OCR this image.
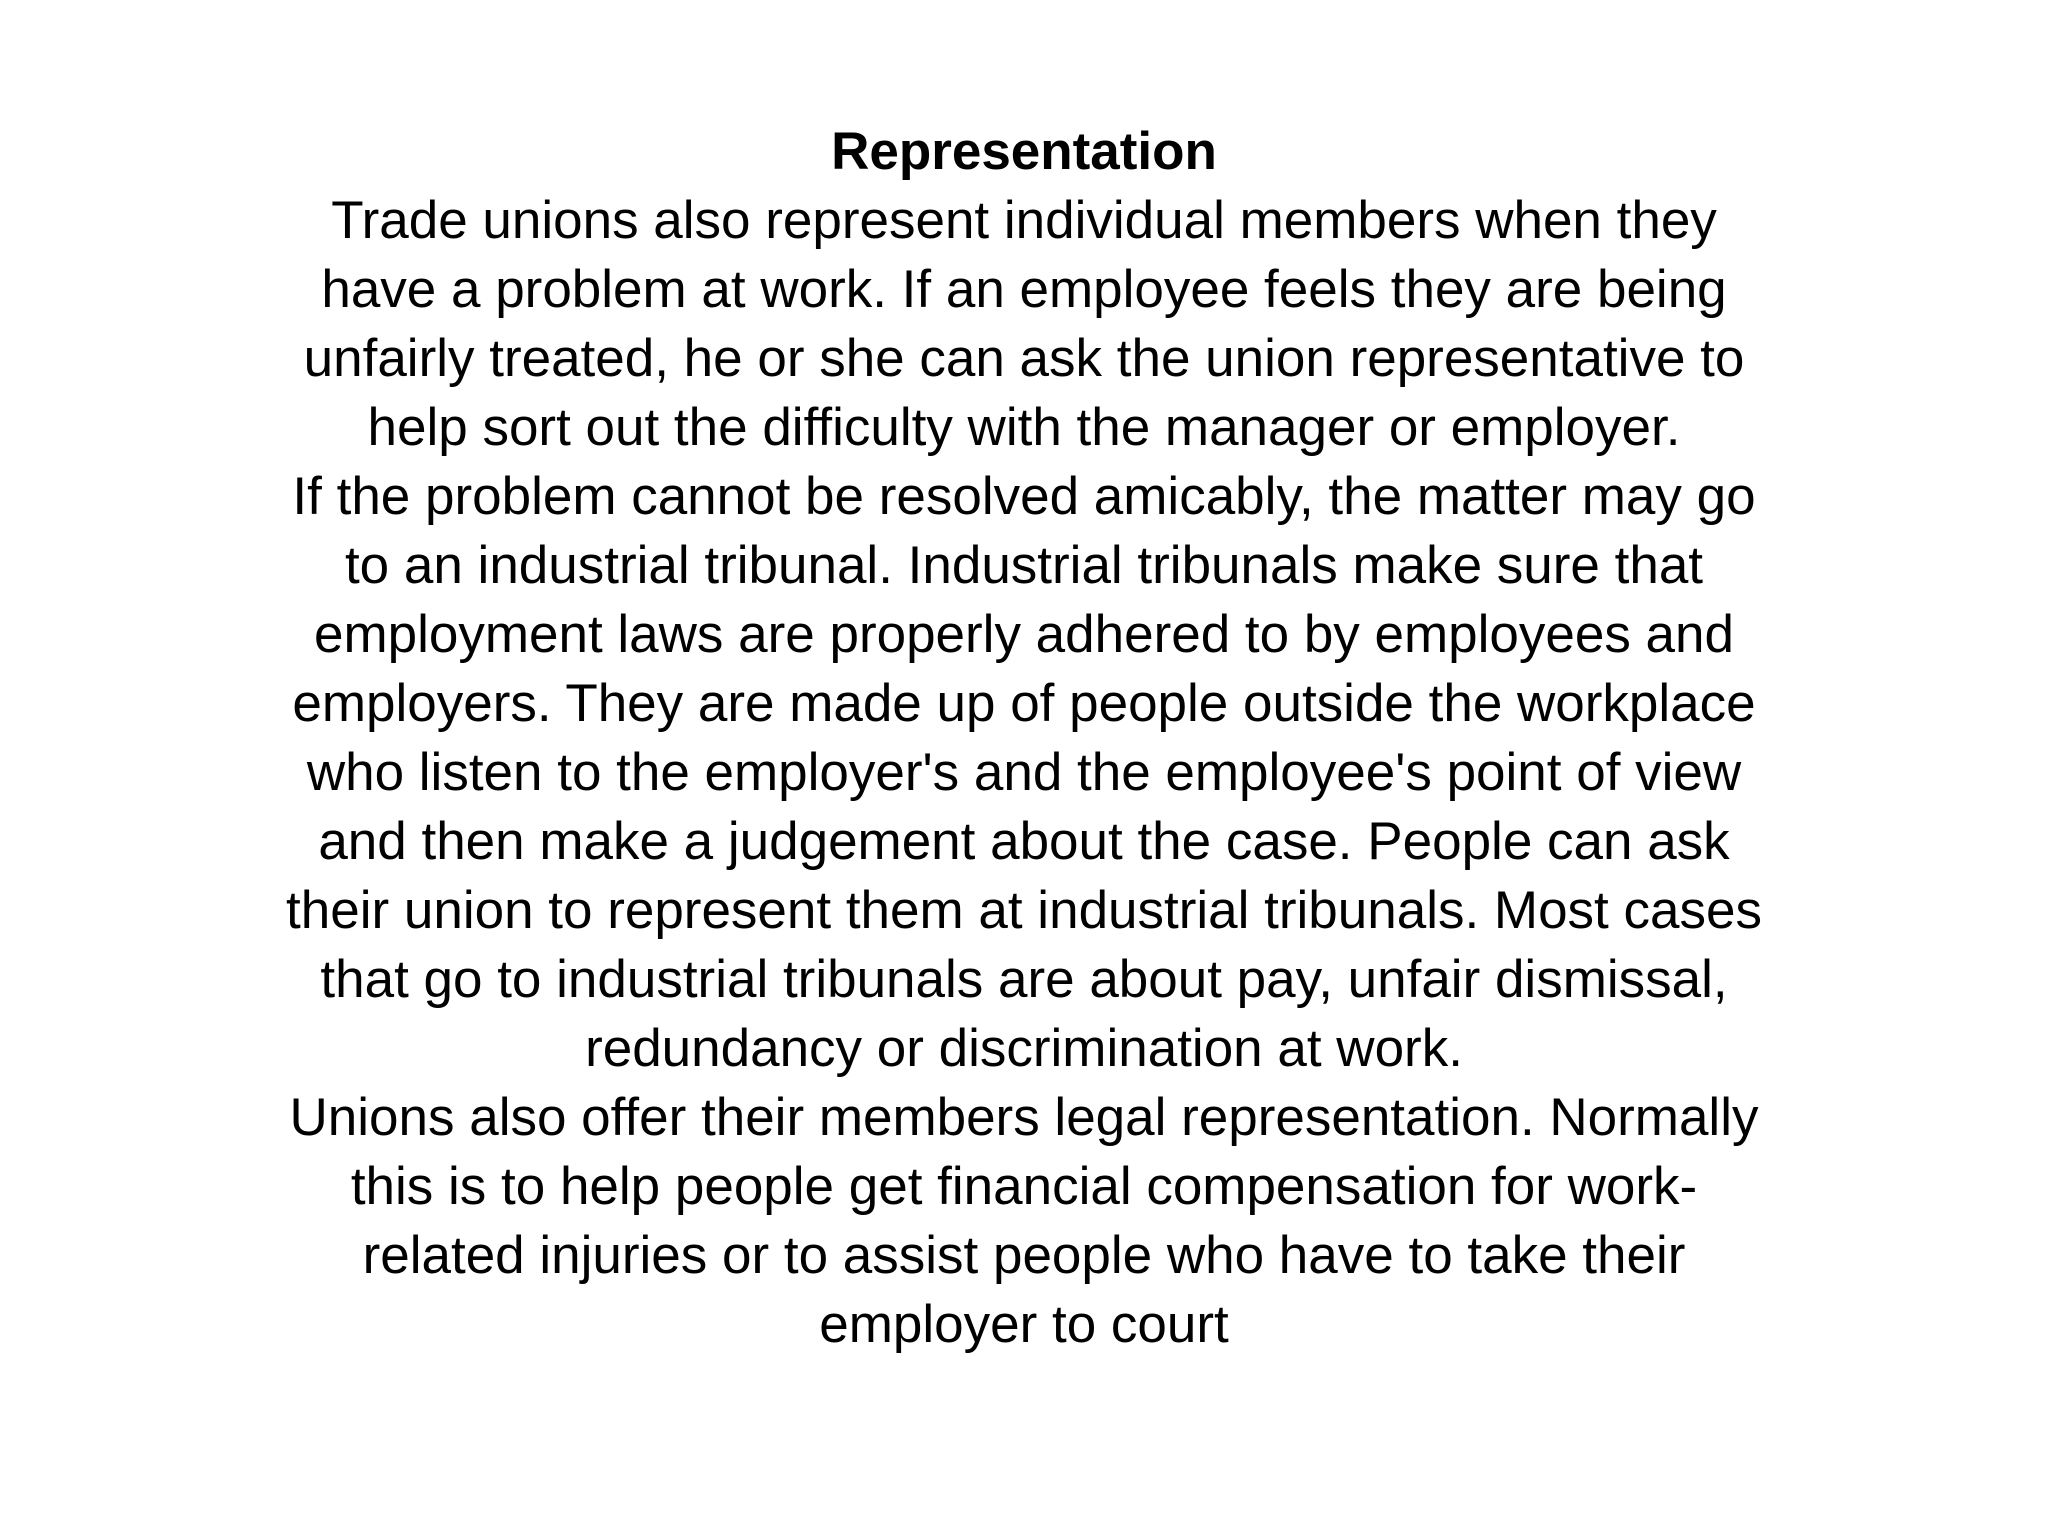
Representation

Trade unions also represent individual members when they

have a problem at work. If an employee feels they are being

unfairly treated, he or she can ask the union representative to

help sort out the difficulty with the manager or employer.

If the problem cannot be resolved amicably, the matter may go

to an industrial tribunal. Industrial tribunals make sure that

employment laws are properly adhered to by employees and

employers. They are made up of people outside the workplace

who listen to the employer's and the employee's point of view

and then make a judgement about the case. People can ask

their union to represent them at industrial tribunals. Most cases

that go to industrial tribunals are about pay, unfair dismissal,

redundancy or discrimination at work.

Unions also offer their members legal representation. Normally

this is to help people get financial compensation for work-

related injuries or to assist people who have to take their

employer to court
